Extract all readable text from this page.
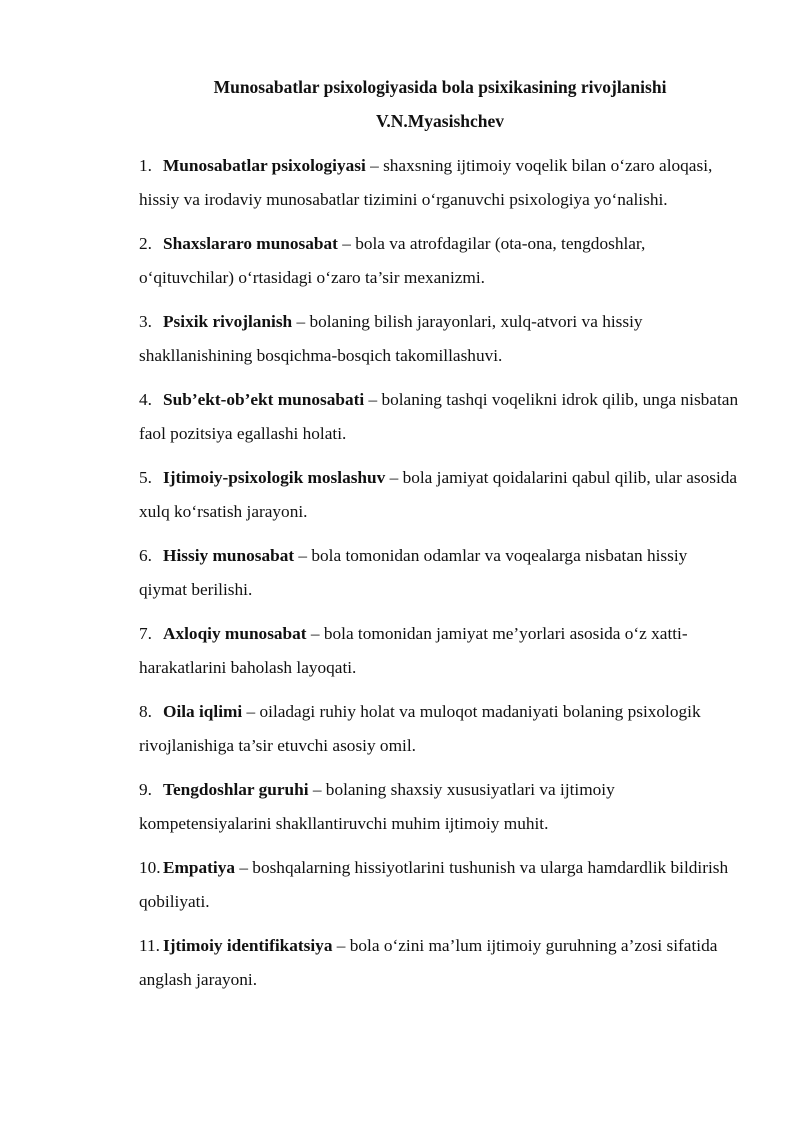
Munosabatlar psixologiyasida bola psixikasining rivojlanishi
V.N.Myasishchev
1. Munosabatlar psixologiyasi – shaxsning ijtimoiy voqelik bilan o‘zaro aloqasi, hissiy va irodaviy munosabatlar tizimini o‘rganuvchi psixologiya yo‘nalishi.
2. Shaxslararo munosabat – bola va atrofdagilar (ota-ona, tengdoshlar, o‘qituvchilar) o‘rtasidagi o‘zaro ta’sir mexanizmi.
3. Psixik rivojlanish – bolaning bilish jarayonlari, xulq-atvori va hissiy shakllanishining bosqichma-bosqich takomillashuvi.
4. Sub’ekt-ob’ekt munosabati – bolaning tashqi voqelikni idrok qilib, unga nisbatan faol pozitsiya egallashi holati.
5. Ijtimoiy-psixologik moslashuv – bola jamiyat qoidalarini qabul qilib, ular asosida xulq ko‘rsatish jarayoni.
6. Hissiy munosabat – bola tomonidan odamlar va voqealarga nisbatan hissiy qiymat berilishi.
7. Axloqiy munosabat – bola tomonidan jamiyat me’yorlari asosida o‘z xatti-harakatlarini baholash layoqati.
8. Oila iqlimi – oiladagi ruhiy holat va muloqot madaniyati bolaning psixologik rivojlanishiga ta’sir etuvchi asosiy omil.
9. Tengdoshlar guruhi – bolaning shaxsiy xususiyatlari va ijtimoiy kompetensiyalarini shakllantiruvchi muhim ijtimoiy muhit.
10. Empatiya – boshqalarning hissiyotlarini tushunish va ularga hamdardlik bildirish qobiliyati.
11. Ijtimoiy identifikatsiya – bola o‘zini ma’lum ijtimoiy guruhning a’zosi sifatida anglash jarayoni.
